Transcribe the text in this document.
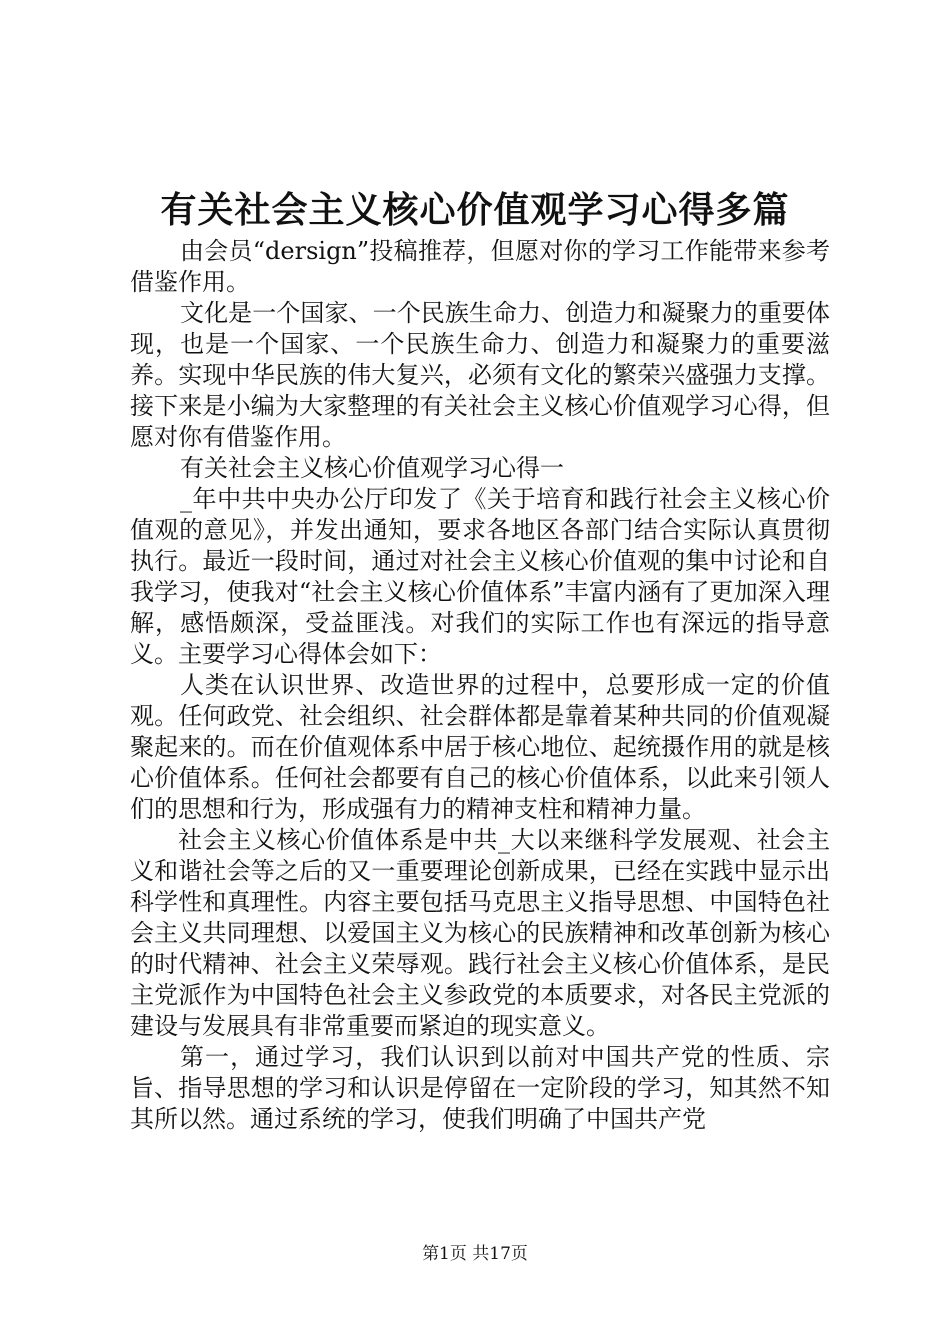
有关社会主义核心价值观学习心得多篇

由会员“dersign”投稿推荐，但愿对你的学习工作能带来参考借鉴作用。

文化是一个国家、一个民族生命力、创造力和凝聚力的重要体现，也是一个国家、一个民族生命力、创造力和凝聚力的重要滋养。实现中华民族的伟大复兴，必须有文化的繁荣兴盛强力支撑。接下来是小编为大家整理的有关社会主义核心价值观学习心得，但愿对你有借鉴作用。

有关社会主义核心价值观学习心得一

_年中共中央办公厅印发了《关于培育和践行社会主义核心价值观的意见》，并发出通知，要求各地区各部门结合实际认真贯彻执行。最近一段时间，通过对社会主义核心价值观的集中讨论和自我学习，使我对“社会主义核心价值体系”丰富内涵有了更加深入理解，感悟颇深，受益匪浅。对我们的实际工作也有深远的指导意义。主要学习心得体会如下：

人类在认识世界、改造世界的过程中，总要形成一定的价值观。任何政党、社会组织、社会群体都是靠着某种共同的价值观凝聚起来的。而在价值观体系中居于核心地位、起统摄作用的就是核心价值体系。任何社会都要有自己的核心价值体系，以此来引领人们的思想和行为，形成强有力的精神支柱和精神力量。

社会主义核心价值体系是中共_大以来继科学发展观、社会主义和谐社会等之后的又一重要理论创新成果，已经在实践中显示出科学性和真理性。内容主要包括马克思主义指导思想、中国特色社会主义共同理想、以爱国主义为核心的民族精神和改革创新为核心的时代精神、社会主义荣辱观。践行社会主义核心价值体系，是民主党派作为中国特色社会主义参政党的本质要求，对各民主党派的建设与发展具有非常重要而紧迫的现实意义。

第一，通过学习，我们认识到以前对中国共产党的性质、宗旨、指导思想的学习和认识是停留在一定阶段的学习，知其然不知其所以然。通过系统的学习，使我们明确了中国共产党

第1页 共17页
